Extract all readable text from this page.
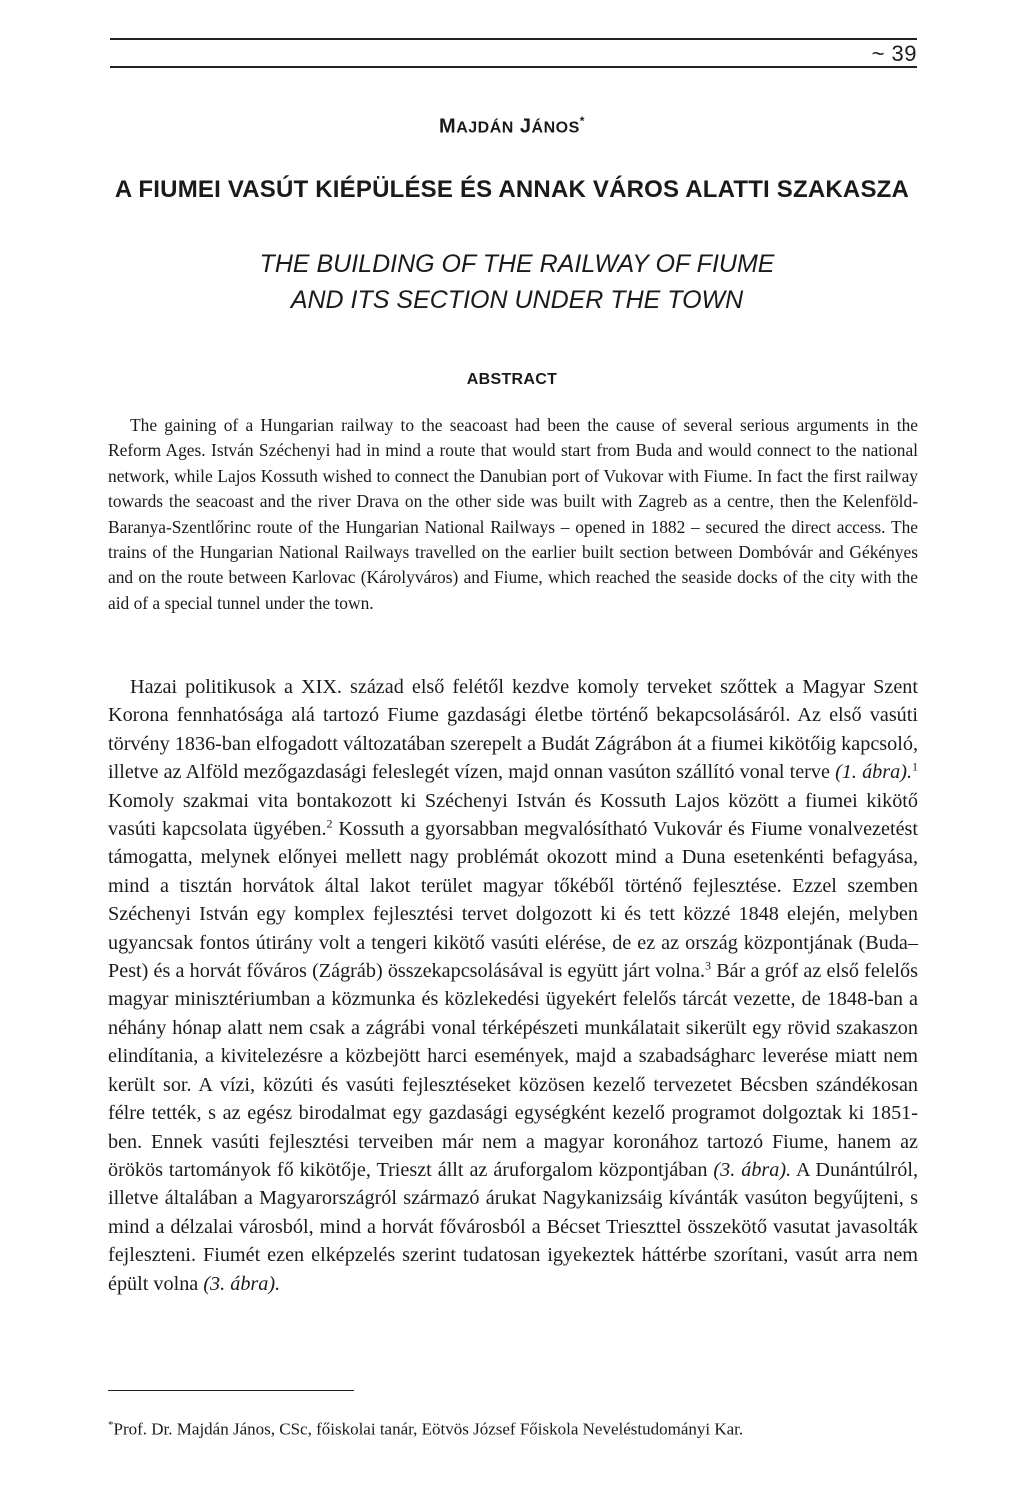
~ 39
MAJDÁN JÁNOS*
A FIUMEI VASÚT KIÉPÜLÉSE ÉS ANNAK VÁROS ALATTI SZAKASZA
THE BUILDING OF THE RAILWAY OF FIUME
AND ITS SECTION UNDER THE TOWN
ABSTRACT

The gaining of a Hungarian railway to the seacoast had been the cause of several serious arguments in the Reform Ages. István Széchenyi had in mind a route that would start from Buda and would connect to the national network, while Lajos Kossuth wished to connect the Danubian port of Vukovar with Fiume. In fact the first railway towards the seacoast and the river Drava on the other side was built with Zagreb as a centre, then the Kelenföld-Baranya-Szentlőrinc route of the Hungarian National Railways – opened in 1882 – secured the direct access. The trains of the Hungarian National Railways travelled on the earlier built section between Dombóvár and Gékényes and on the route between Karlovac (Károlyváros) and Fiume, which reached the seaside docks of the city with the aid of a special tunnel under the town.

Hazai politikusok a XIX. század első felétől kezdve komoly terveket szőttek a Magyar Szent Korona fennhatósága alá tartozó Fiume gazdasági életbe történő bekapcsolásáról. Az első vasúti törvény 1836-ban elfogadott változatában szerepelt a Budát Zágrábon át a fiumei kikötőig kapcsoló, illetve az Alföld mezőgazdasági feleslegét vízen, majd onnan vasúton szállító vonal terve (1. ábra).$^1$ Komoly szakmai vita bontakozott ki Széchenyi István és Kossuth Lajos között a fiumei kikötő vasúti kapcsolata ügyében.$^2$ Kossuth a gyorsabban megvalósítható Vukovár és Fiume vonalvezetést támogatta, melynek előnyei mellett nagy problémát okozott mind a Duna esetenkénti befagyása, mind a tisztán horvátok által lakot terület magyar tőkéből történő fejlesztése. Ezzel szemben Széchenyi István egy komplex fejlesztési tervet dolgozott ki és tett közzé 1848 elején, melyben ugyancsak fontos útirány volt a tengeri kikötő vasúti elérése, de ez az ország központjának (Buda–Pest) és a horvát főváros (Zágráb) összekapcsolásával is együtt járt volna.$^3$ Bár a gróf az első felelős magyar minisztériumban a közmunka és közlekedési ügyekért felelős tárcát vezette, de 1848-ban a néhány hónap alatt nem csak a zágrábi vonal térképészeti munkálatait sikerült egy rövid szakaszon elindítania, a kivitelezésre a közbejött harci események, majd a szabadságharc leverése miatt nem került sor. A vízi, közúti és vasúti fejlesztéseket közösen kezelő tervezetet Bécsben szándékosan félre tették, s az egész birodalmat egy gazdasági egységként kezelő programot dolgoztak ki 1851-ben. Ennek vasúti fejlesztési terveiben már nem a magyar koronához tartozó Fiume, hanem az örökös tartományok fő kikötője, Trieszt állt az áruforgalom központjában (3. ábra). A Dunántúlról, illetve általában a Magyarországról származó árukat Nagykanizsáig kívánták vasúton begyűjteni, s mind a délzalai városból, mind a horvát fővárosból a Bécset Trieszttel összekötő vasutat javasolták fejleszteni. Fiumét ezen elképzelés szerint tudatosan igyekeztek háttérbe szorítani, vasút arra nem épült volna (3. ábra).

*Prof. Dr. Majdán János, CSc, főiskolai tanár, Eötvös József Főiskola Neveléstudományi Kar.
